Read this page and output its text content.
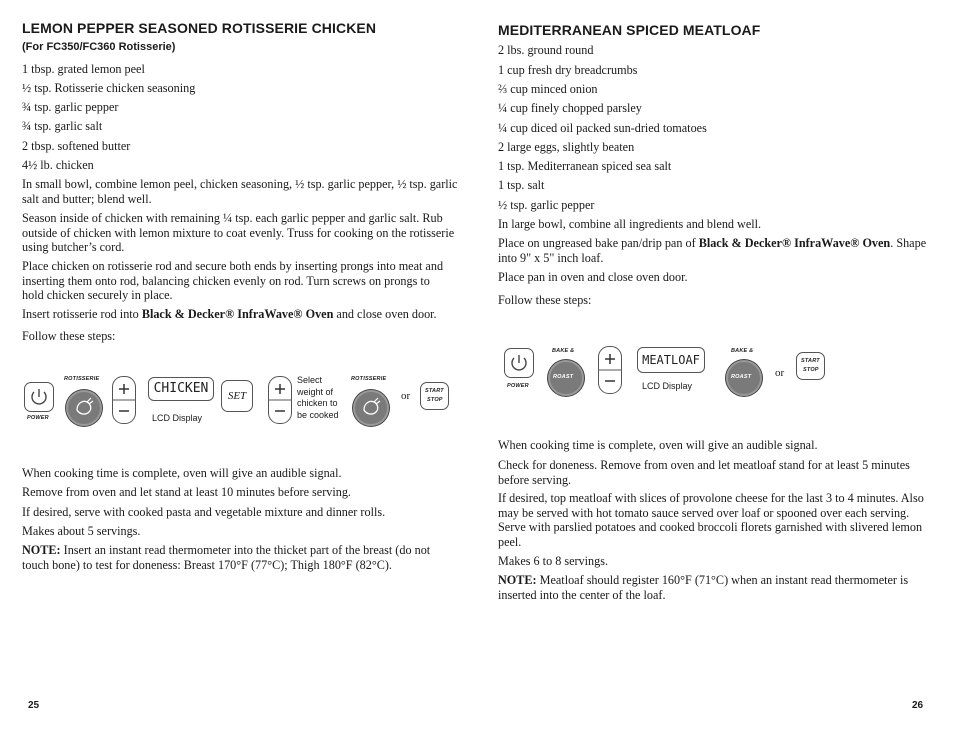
LEMON PEPPER SEASONED ROTISSERIE CHICKEN
(For FC350/FC360 Rotisserie)
1 tbsp. grated lemon peel
½ tsp. Rotisserie chicken seasoning
¾ tsp. garlic pepper
¾ tsp. garlic salt
2 tbsp. softened butter
4½ lb. chicken

In small bowl, combine lemon peel, chicken seasoning, ½ tsp. garlic pepper, ½ tsp. garlic salt and butter; blend well.

Season inside of chicken with remaining ¼ tsp. each garlic pepper and garlic salt. Rub outside of chicken with lemon mixture to coat evenly. Truss for cooking on the rotisserie using butcher’s cord.

Place chicken on rotisserie rod and secure both ends by inserting prongs into meat and inserting them onto rod, balancing chicken evenly on rod. Turn screws on prongs to hold chicken securely in place.

Insert rotisserie rod into Black & Decker® InfraWave® Oven and close oven door.

Follow these steps:
POWER
ROTISSERIE
CHICKEN
LCD Display
SET
Select weight of chicken to be cooked
ROTISSERIE
or	START
STOP
When cooking time is complete, oven will give an audible signal.
Remove from oven and let stand at least 10 minutes before serving.
If desired, serve with cooked pasta and vegetable mixture and dinner rolls.
Makes about 5 servings.

NOTE: Insert an instant read thermometer into the thicket part of the breast (do not touch bone) to test for doneness: Breast 170°F (77°C); Thigh 180°F (82°C).

25
MEDITERRANEAN SPICED MEATLOAF
2 lbs. ground round
1 cup fresh dry breadcrumbs
⅔ cup minced onion
¼ cup finely chopped parsley
¼ cup diced oil packed sun-dried tomatoes
2 large eggs, slightly beaten
1 tsp. Mediterranean spiced sea salt
1 tsp. salt
½ tsp. garlic pepper
In large bowl, combine all ingredients and blend well.

Place on ungreased bake pan/drip pan of Black & Decker® InfraWave® Oven. Shape into 9" x 5" inch loaf.

Place pan in oven and close oven door.
Follow these steps:
POWER
BAKE &
ROAST
MEATLOAF
LCD Display
BAKE &
ROAST or
START
STOP
When cooking time is complete, oven will give an audible signal.

Check for doneness. Remove from oven and let meatloaf stand for at least 5 minutes before serving.

If desired, top meatloaf with slices of provolone cheese for the last 3 to 4 minutes. Also may be served with hot tomato sauce served over loaf or spooned over each serving. Serve with parslied potatoes and cooked broccoli florets garnished with slivered lemon peel.

Makes 6 to 8 servings.

NOTE: Meatloaf should register 160°F (71°C) when an instant read thermometer is inserted into the center of the loaf.

26
